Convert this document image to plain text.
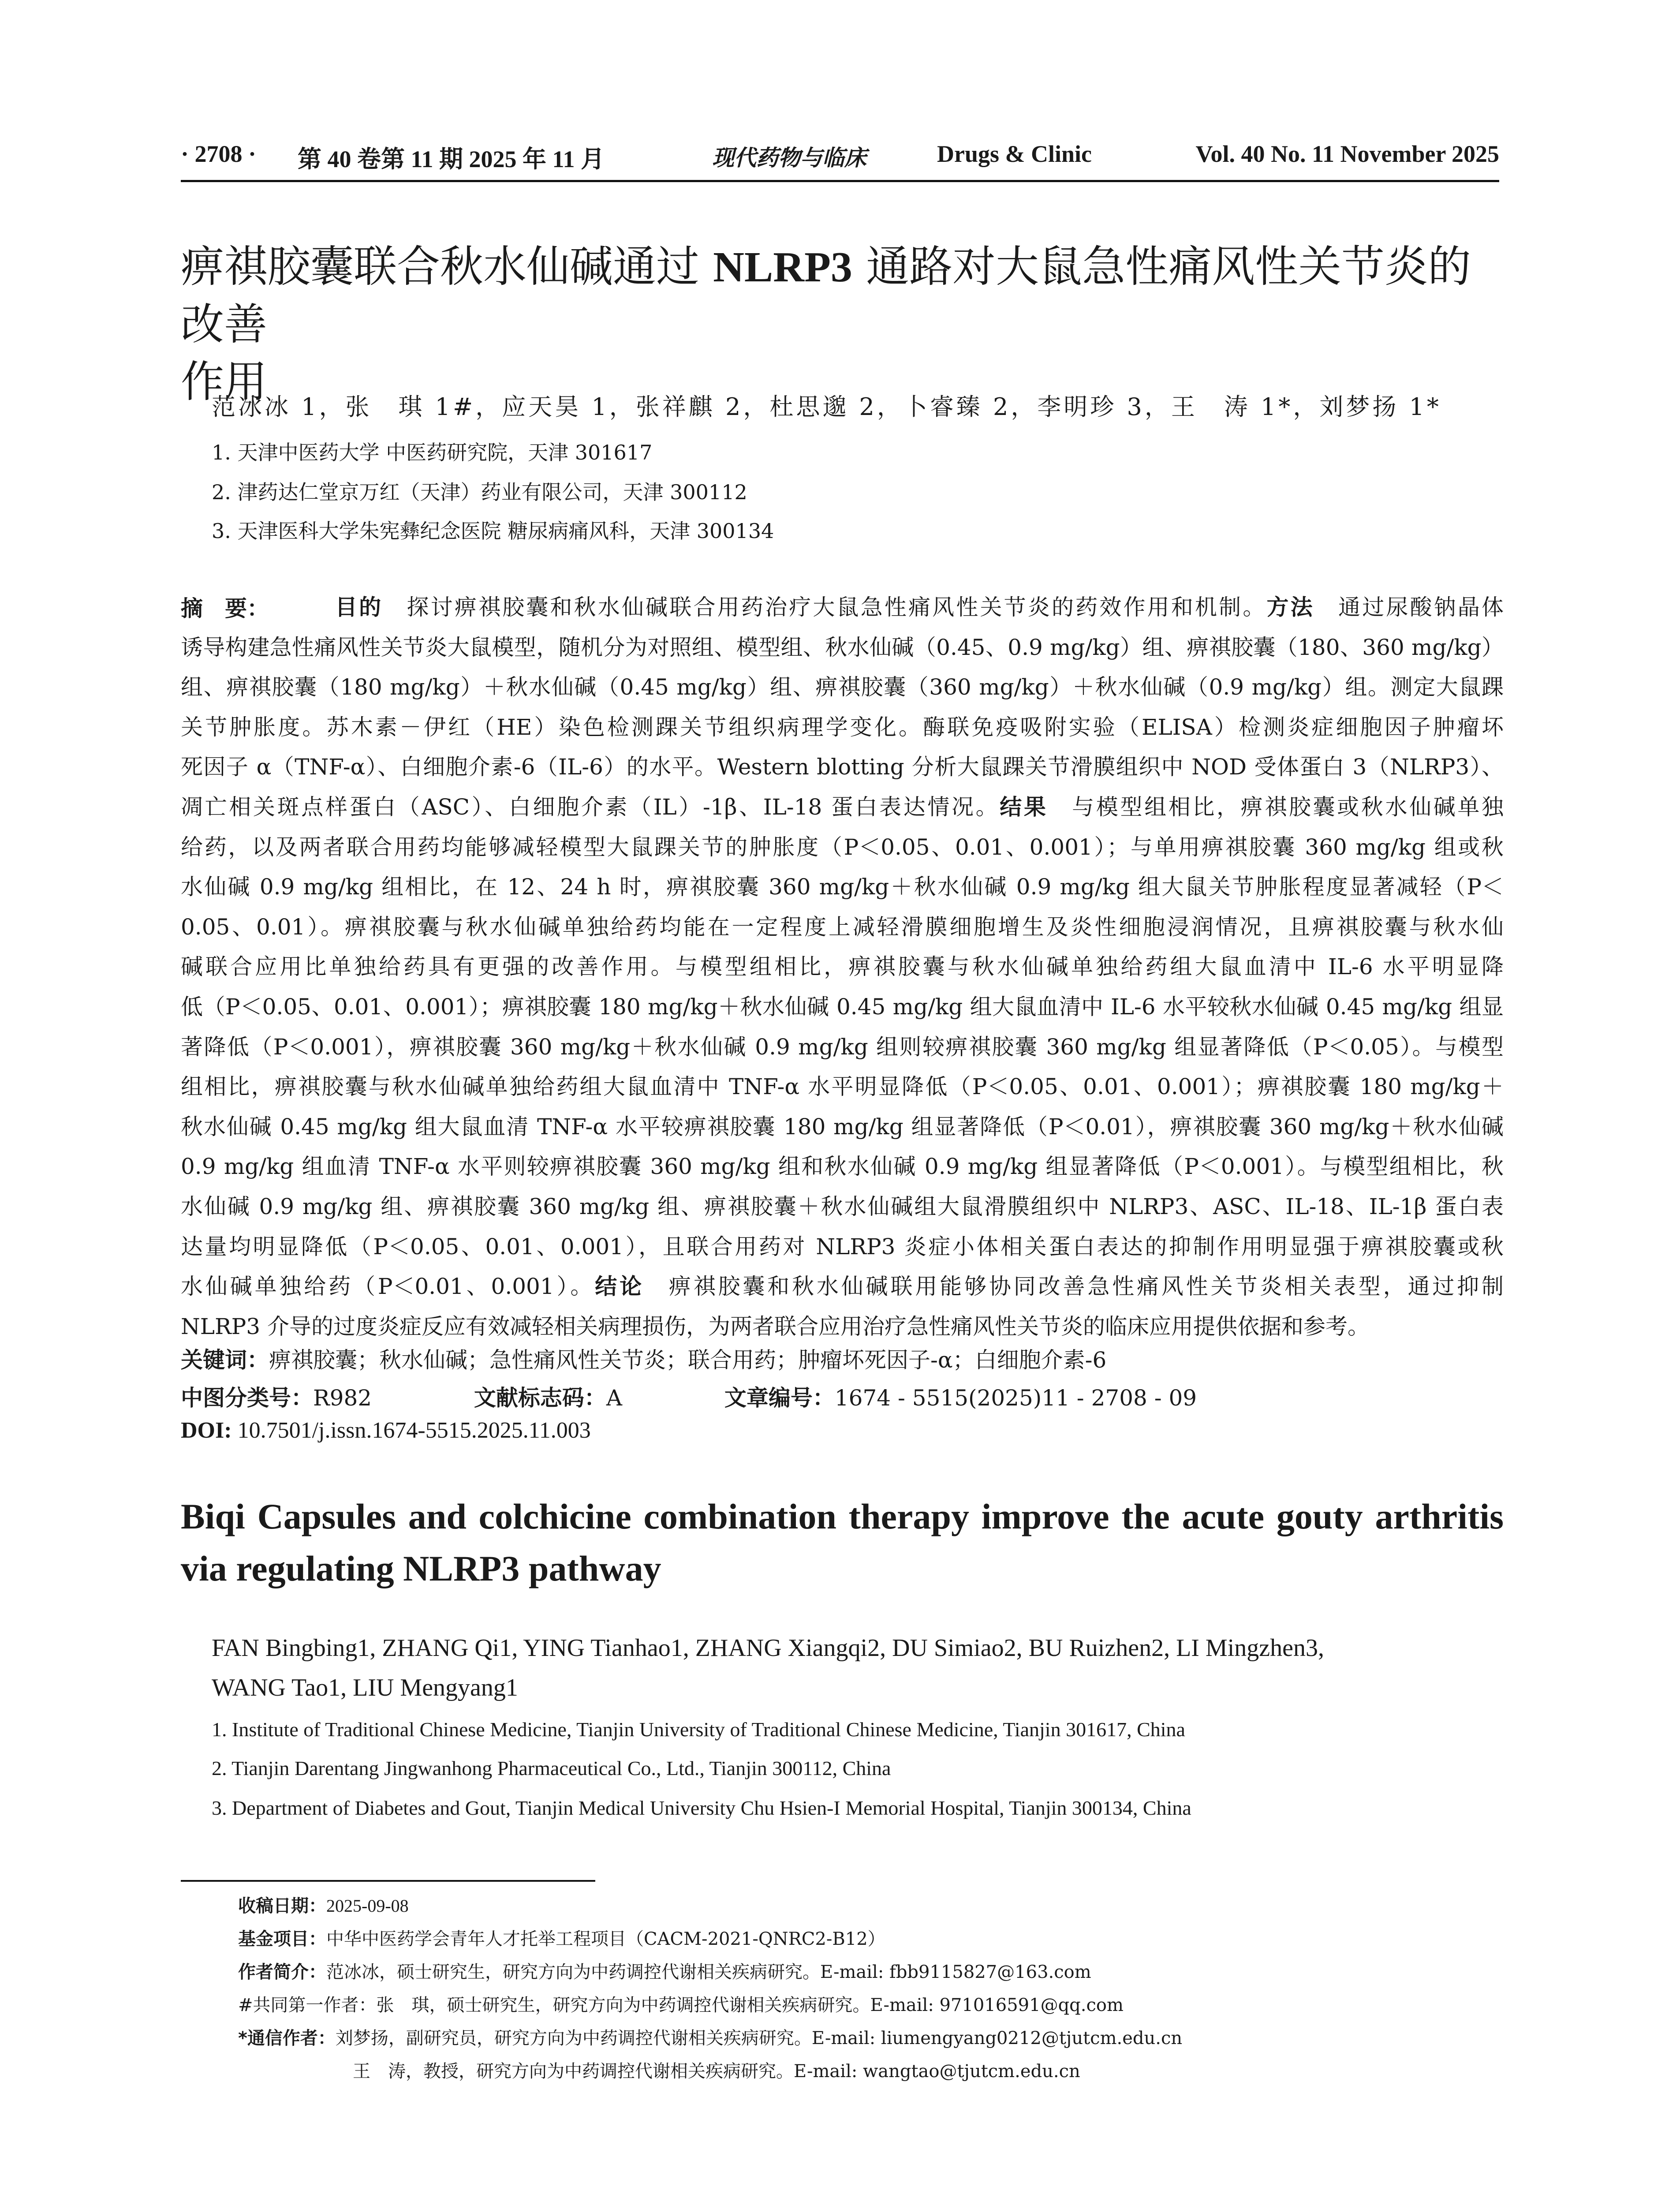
· 2708 · 第 40 卷第 11 期 2025 年 11 月	现代药物与临床	Drugs & Clinic	Vol. 40 No. 11 November 2025
痹祺胶囊联合秋水仙碱通过 NLRP3 通路对大鼠急性痛风性关节炎的改善
作用
范冰冰 1，张　琪 1#，应天昊 1，张祥麒 2，杜思邈 2，卜睿臻 2，李明珍 3，王　涛 1*，刘梦扬 1*
1. 天津中医药大学 中医药研究院，天津 301617
2. 津药达仁堂京万红（天津）药业有限公司，天津 300112
3. 天津医科大学朱宪彝纪念医院 糖尿病痛风科，天津 300134
摘　要：	目的　探讨痹祺胶囊和秋水仙碱联合用药治疗大鼠急性痛风性关节炎的药效作用和机制。方法　通过尿酸钠晶体
诱导构建急性痛风性关节炎大鼠模型，随机分为对照组、模型组、秋水仙碱（0.45、0.9 mg/kg）组、痹祺胶囊（180、360 mg/kg）
组、痹祺胶囊（180 mg/kg）＋秋水仙碱（0.45 mg/kg）组、痹祺胶囊（360 mg/kg）＋秋水仙碱（0.9 mg/kg）组。测定大鼠踝
关节肿胀度。苏木素－伊红（HE）染色检测踝关节组织病理学变化。酶联免疫吸附实验（ELISA）检测炎症细胞因子肿瘤坏
死因子 α（TNF-α）、白细胞介素-6（IL-6）的水平。Western blotting 分析大鼠踝关节滑膜组织中 NOD 受体蛋白 3（NLRP3）、
凋亡相关斑点样蛋白（ASC）、白细胞介素（IL）-1β、IL-18 蛋白表达情况。结果　与模型组相比，痹祺胶囊或秋水仙碱单独
给药，以及两者联合用药均能够减轻模型大鼠踝关节的肿胀度（P＜0.05、0.01、0.001）；与单用痹祺胶囊 360 mg/kg 组或秋
水仙碱 0.9 mg/kg 组相比，在 12、24 h 时，痹祺胶囊 360 mg/kg＋秋水仙碱 0.9 mg/kg 组大鼠关节肿胀程度显著减轻（P＜
0.05、0.01）。痹祺胶囊与秋水仙碱单独给药均能在一定程度上减轻滑膜细胞增生及炎性细胞浸润情况，且痹祺胶囊与秋水仙
碱联合应用比单独给药具有更强的改善作用。与模型组相比，痹祺胶囊与秋水仙碱单独给药组大鼠血清中 IL-6 水平明显降
低（P＜0.05、0.01、0.001）；痹祺胶囊 180 mg/kg＋秋水仙碱 0.45 mg/kg 组大鼠血清中 IL-6 水平较秋水仙碱 0.45 mg/kg 组显
著降低（P＜0.001），痹祺胶囊 360 mg/kg＋秋水仙碱 0.9 mg/kg 组则较痹祺胶囊 360 mg/kg 组显著降低（P＜0.05）。与模型
组相比，痹祺胶囊与秋水仙碱单独给药组大鼠血清中 TNF-α 水平明显降低（P＜0.05、0.01、0.001）；痹祺胶囊 180 mg/kg＋
秋水仙碱 0.45 mg/kg 组大鼠血清 TNF-α 水平较痹祺胶囊 180 mg/kg 组显著降低（P＜0.01），痹祺胶囊 360 mg/kg＋秋水仙碱
0.9 mg/kg 组血清 TNF-α 水平则较痹祺胶囊 360 mg/kg 组和秋水仙碱 0.9 mg/kg 组显著降低（P＜0.001）。与模型组相比，秋
水仙碱 0.9 mg/kg 组、痹祺胶囊 360 mg/kg 组、痹祺胶囊＋秋水仙碱组大鼠滑膜组织中 NLRP3、ASC、IL-18、IL-1β 蛋白表
达量均明显降低（P＜0.05、0.01、0.001），且联合用药对 NLRP3 炎症小体相关蛋白表达的抑制作用明显强于痹祺胶囊或秋
水仙碱单独给药（P＜0.01、0.001）。结论　痹祺胶囊和秋水仙碱联用能够协同改善急性痛风性关节炎相关表型，通过抑制
NLRP3 介导的过度炎症反应有效减轻相关病理损伤，为两者联合应用治疗急性痛风性关节炎的临床应用提供依据和参考。
关键词：痹祺胶囊；秋水仙碱；急性痛风性关节炎；联合用药；肿瘤坏死因子-α；白细胞介素-6
中图分类号：R982	文献标志码：A	文章编号：1674 - 5515(2025)11 - 2708 - 09
DOI: 10.7501/j.issn.1674-5515.2025.11.003
Biqi Capsules and colchicine combination therapy improve the acute gouty arthritis via regulating NLRP3 pathway
FAN Bingbing1, ZHANG Qi1, YING Tianhao1, ZHANG Xiangqi2, DU Simiao2, BU Ruizhen2, LI Mingzhen3,
WANG Tao1, LIU Mengyang1
1. Institute of Traditional Chinese Medicine, Tianjin University of Traditional Chinese Medicine, Tianjin 301617, China
2. Tianjin Darentang Jingwanhong Pharmaceutical Co., Ltd., Tianjin 300112, China
3. Department of Diabetes and Gout, Tianjin Medical University Chu Hsien-I Memorial Hospital, Tianjin 300134, China
收稿日期：2025-09-08
基金项目：中华中医药学会青年人才托举工程项目（CACM-2021-QNRC2-B12）
作者简介：范冰冰，硕士研究生，研究方向为中药调控代谢相关疾病研究。E-mail: fbb9115827@163.com
#共同第一作者：张　琪，硕士研究生，研究方向为中药调控代谢相关疾病研究。E-mail: 971016591@qq.com
*通信作者：刘梦扬，副研究员，研究方向为中药调控代谢相关疾病研究。E-mail: liumengyang0212@tjutcm.edu.cn
王　涛，教授，研究方向为中药调控代谢相关疾病研究。E-mail: wangtao@tjutcm.edu.cn
